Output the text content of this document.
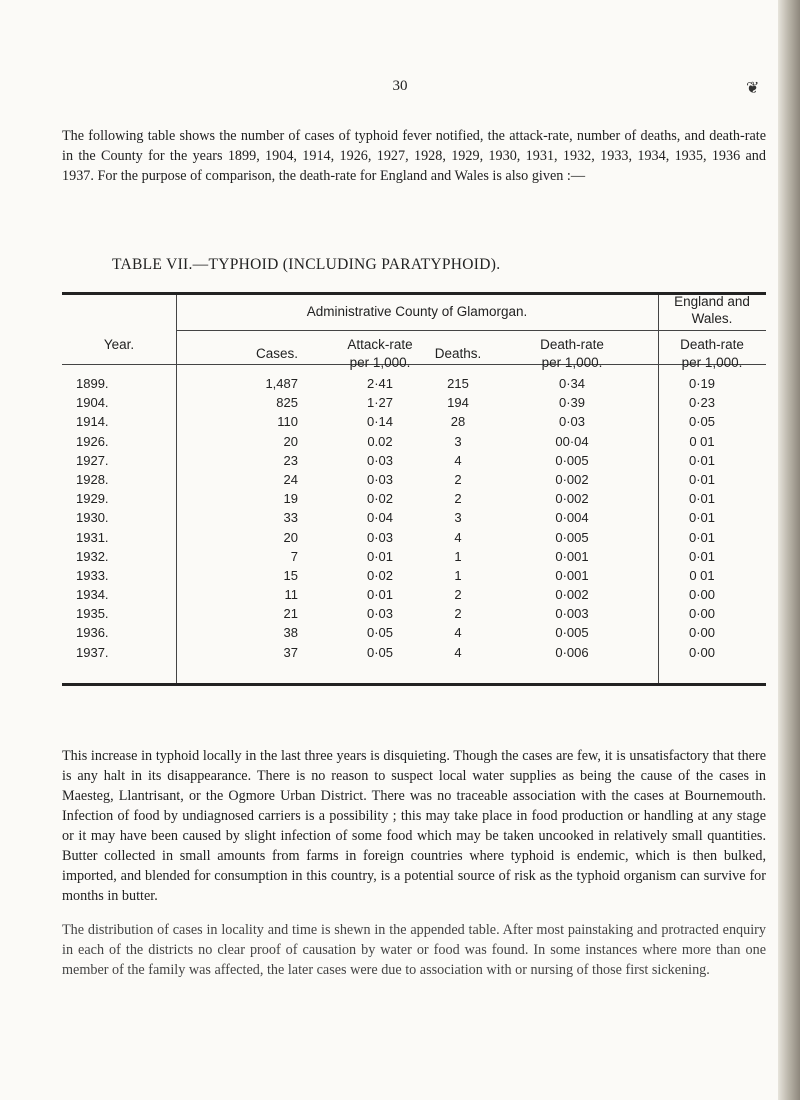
30	❦

The following table shows the number of cases of typhoid fever notified, the attack-rate, number of deaths, and death-rate in the County for the years 1899, 1904, 1914, 1926, 1927, 1928, 1929, 1930, 1931, 1932, 1933, 1934, 1935, 1936 and 1937. For the purpose of comparison, the death-rate for England and Wales is also given :—

TABLE VII.—TYPHOID (INCLUDING PARATYPHOID).
Year.
Administrative County of Glamorgan.
England and Wales.
Cases.
Attack-rate
per 1,000.
Deaths.
Death-rate
per 1,000.
Death-rate
per 1,000.
1899.
1904.
1914.
1926.
1927.
1928.
1929.
1930.
1931.
1932.
1933.
1934.
1935.
1936.
1937.
1,487
825
110
20
23
24
19
33
20
7
15
11
21
38
37
2·41
1·27
0·14
0.02
0·03
0·03
0·02
0·04
0·03
0·01
0·02
0·01
0·03
0·05
0·05
215
194
28
3
4
2
2
3
4
1
1
2
2
4
4
0·34
0·39
0·03
00·04
0·005
0·002
0·002
0·004
0·005
0·001
0·001
0·002
0·003
0·005
0·006
0·19
0·23
0·05
0 01
0·01
0·01
0·01
0·01
0·01
0·01
0 01
0·00
0·00
0·00
0·00

This increase in typhoid locally in the last three years is disquieting. Though the cases are few, it is unsatisfactory that there is any halt in its disappearance. There is no reason to suspect local water supplies as being the cause of the cases in Maesteg, Llantrisant, or the Ogmore Urban District. There was no traceable association with the cases at Bournemouth. Infection of food by undiagnosed carriers is a possibility ; this may take place in food production or handling at any stage or it may have been caused by slight infection of some food which may be taken uncooked in relatively small quantities. Butter collected in small amounts from farms in foreign countries where typhoid is endemic, which is then bulked, imported, and blended for consumption in this country, is a potential source of risk as the typhoid organism can survive for months in butter.

The distribution of cases in locality and time is shewn in the appended table. After most painstaking and protracted enquiry in each of the districts no clear proof of causation by water or food was found. In some instances where more than one member of the family was affected, the later cases were due to association with or nursing of those first sickening.
